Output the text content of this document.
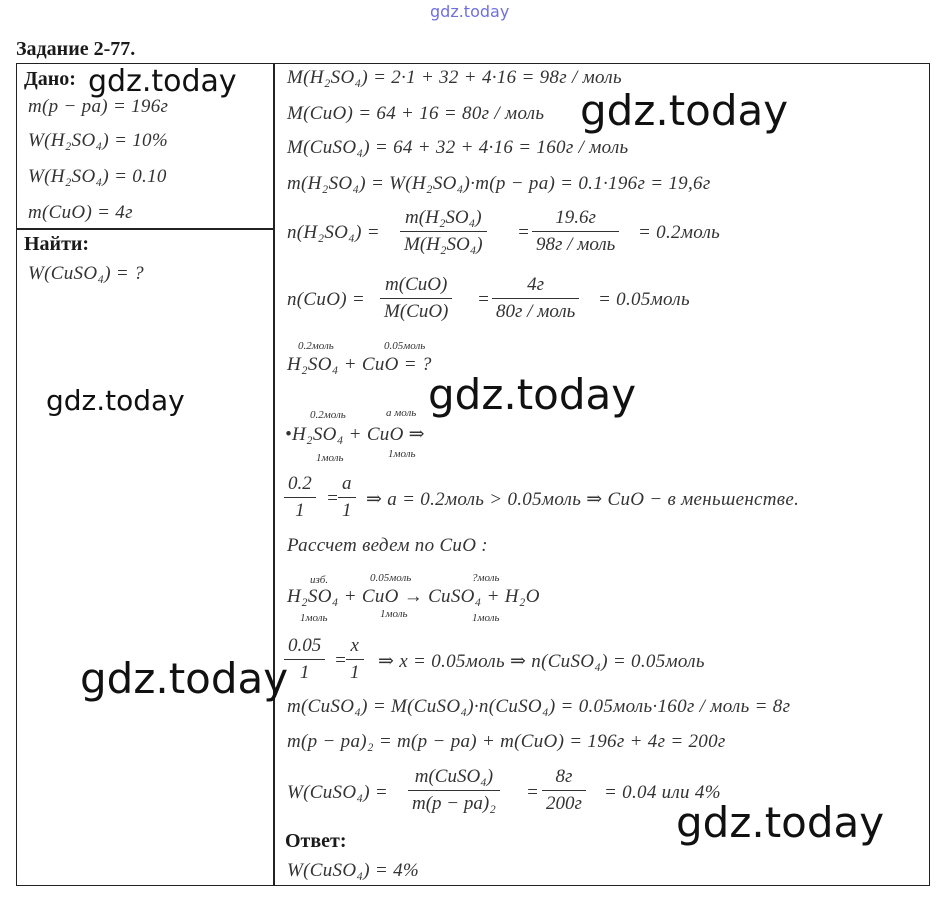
gdz.today
Задание 2-77.
Дано:
m(p − pa) = 196г
W(H₂SO₄) = 10%
W(H₂SO₄) = 0.10
m(CuO) = 4г
Найти:
W(CuSO₄) = ?
M(H₂SO₄) = 2·1 + 32 + 4·16 = 98г / моль
M(CuO) = 64 + 16 = 80г / моль
M(CuSO₄) = 64 + 32 + 4·16 = 160г / моль
m(H₂SO₄) = W(H₂SO₄)·m(p − pa) = 0.1·196г = 19,6г
$n(H_2SO_4) = \frac{\text{m(H₂SO₄)}}{\text{M(H₂SO₄)}}$ =
19.6г
98г / моль
= 0.2моль
n(CuO) =
m(CuO)
M(CuO)
=
4г
80г / моль
= 0.05моль
0.2моль	0.05моль
H₂SO₄ + CuO = ?
0.2моль	a моль
•H₂SO₄ + CuO ⇒
1моль	1моль
$\frac{0.2}{1}$ =
$\frac{a}{1}$ ⇒ a = 0.2моль > 0.05моль ⇒ CuO − в меньшенстве.
Рассчет ведем по CuO :
изб.	0.05моль	?моль
H₂SO₄ + CuO → CuSO₄ + H₂O
1моль	1моль	1моль
$\frac{0.05}{1}$ =
$\frac{x}{1}$ ⇒ x = 0.05моль ⇒ n(CuSO₄) = 0.05моль
m(CuSO₄) = M(CuSO₄)·n(CuSO₄) = 0.05моль·160г / моль = 8г
m(p − pa)₂ = m(p − pa) + m(CuO) = 196г + 4г = 200г
W(CuSO₄) =
m(CuSO₄)
m(p − pa)₂
=
8г
200г
= 0.04 или 4%
Ответ:
W(CuSO₄) = 4%
gdz.today
gdz.today
gdz.today	gdz.today
gdz.today
gdz.today
